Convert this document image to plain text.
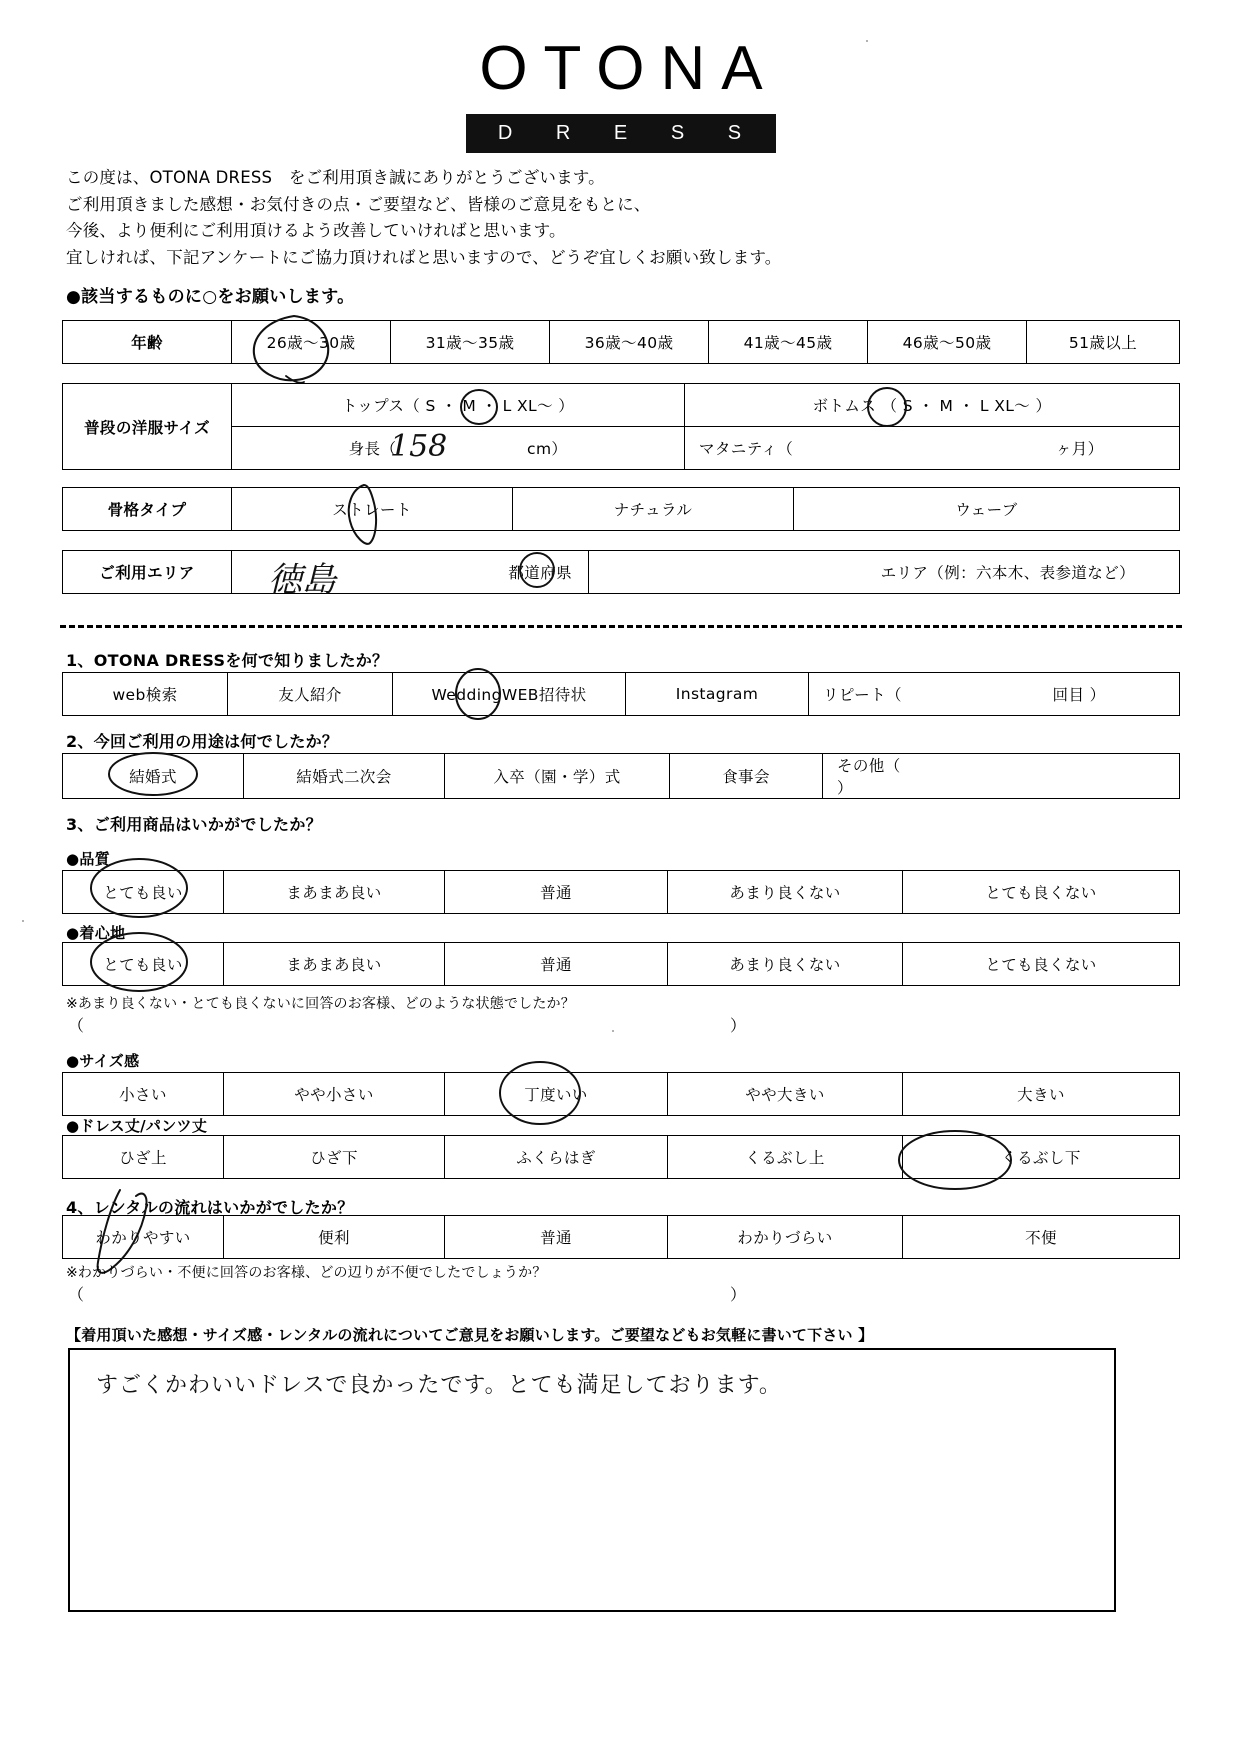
OTONA
D R E S S
この度は、OTONA DRESS　をご利用頂き誠にありがとうございます。
ご利用頂きました感想・お気付きの点・ご要望など、皆様のご意見をもとに、
今後、より便利にご利用頂けるよう改善していければと思います。
宜しければ、下記アンケートにご協力頂ければと思いますので、どうぞ宜しくお願い致します。
●該当するものに○をお願いします。
年齢	26歳～30歳	31歳～35歳	36歳～40歳	41歳～45歳	46歳～50歳	51歳以上
普段の洋服サイズ	トップス（ S ・ M ・ L XL～ ）	ボトムス （ S ・ M ・ L XL～ ）
	身長（ cm）	マタニティ（ ヶ月）
158
骨格タイプ	ストレート	ナチュラル	ウェーブ
ご利用エリア	都道府県	エリア（例：六本木、表参道など）
徳島
1、OTONA DRESSを何で知りましたか？
web検索	友人紹介	WeddingWEB招待状	Instagram	リピート（	回目 ）
2、今回ご利用の用途は何でしたか？
結婚式	結婚式二次会	入卒（園・学）式	食事会	その他（  ）
3、ご利用商品はいかがでしたか？
●品質
とても良い	まあまあ良い	普通	あまり良くない	とても良くない
●着心地
とても良い	まあまあ良い	普通	あまり良くない	とても良くない
※あまり良くない・とても良くないに回答のお客様、どのような状態でしたか？
（	）
●サイズ感
小さい	やや小さい	丁度いい	やや大きい	大きい
●ドレス丈/パンツ丈
ひざ上	ひざ下	ふくらはぎ	くるぶし上	くるぶし下
4、レンタルの流れはいかがでしたか？
わかりやすい	便利	普通	わかりづらい	不便
※わかりづらい・不便に回答のお客様、どの辺りが不便でしたでしょうか？
（	）
【着用頂いた感想・サイズ感・レンタルの流れについてご意見をお願いします。ご要望などもお気軽に書いて下さい 】
すごくかわいいドレスで良かったです。とても満足しております。
